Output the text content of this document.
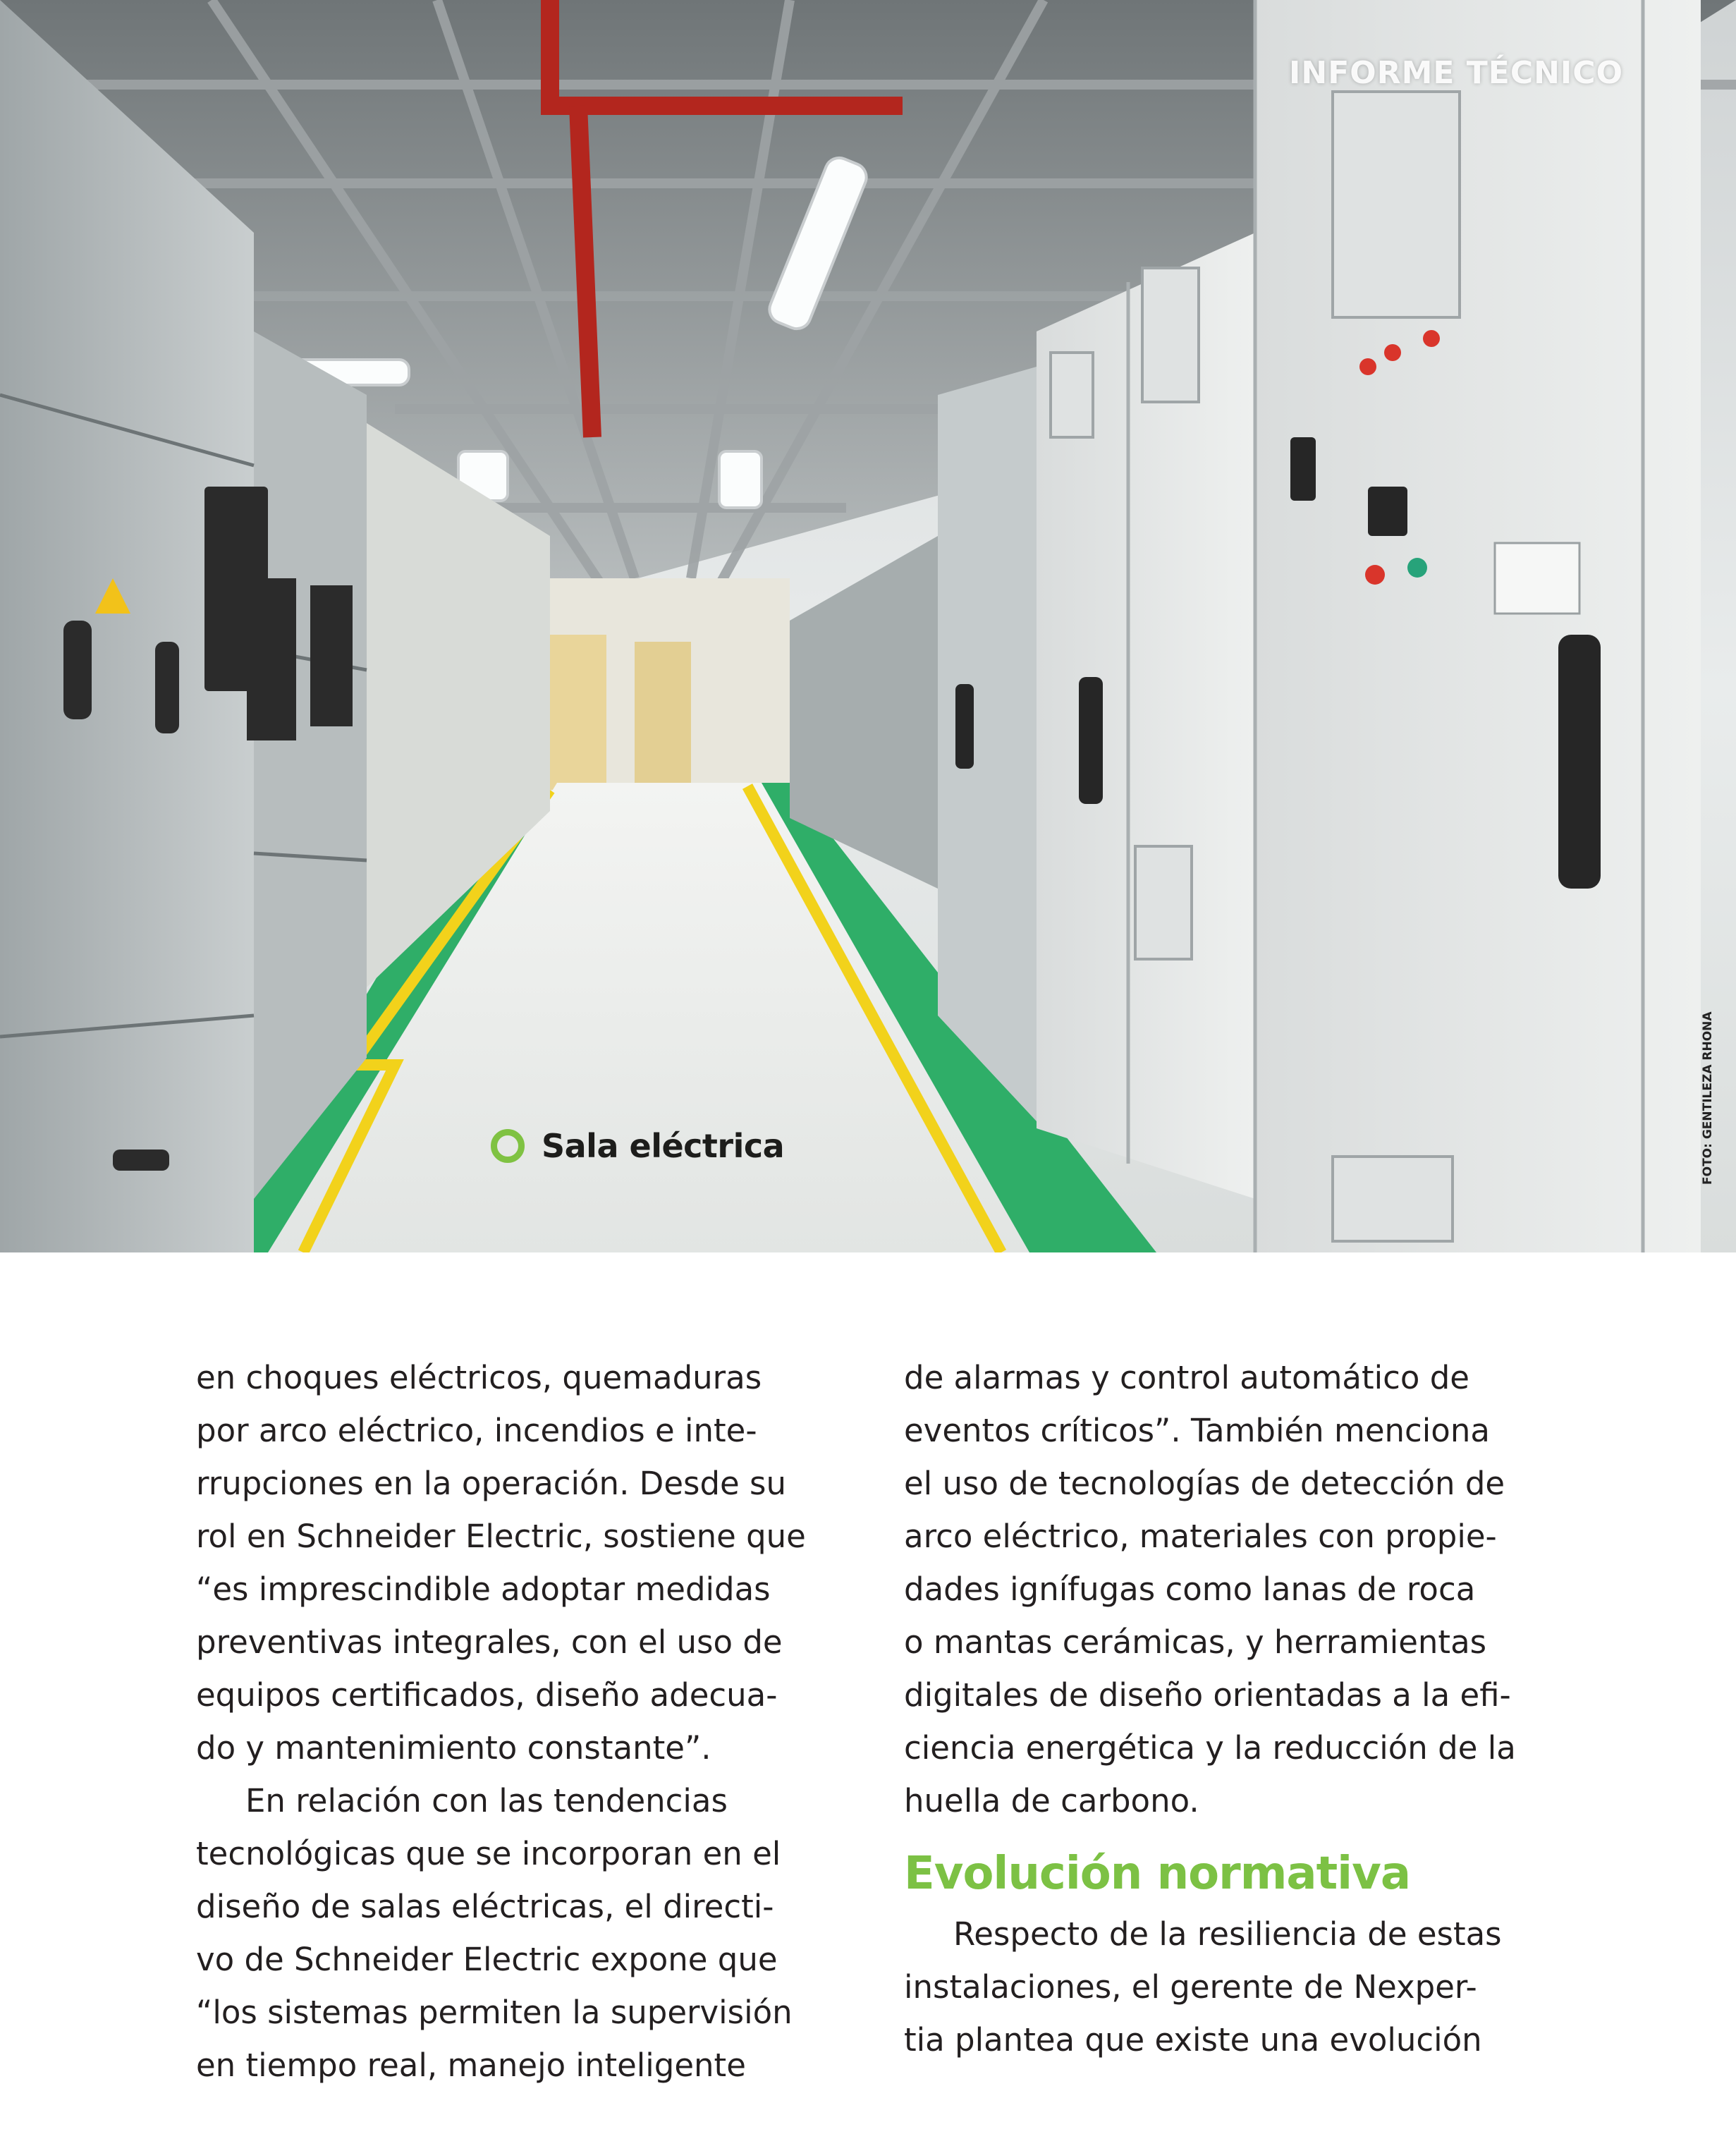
INFORME TÉCNICO
Sala eléctrica	FOTO: GENTILEZA RHONA
en choques eléctricos, quemaduras
por arco eléctrico, incendios e inte-
rrupciones en la operación. Desde su
rol en Schneider Electric, sostiene que
“es imprescindible adoptar medidas
preventivas integrales, con el uso de
equipos certificados, diseño adecua-
do y mantenimiento constante”.
En relación con las tendencias
tecnológicas que se incorporan en el
diseño de salas eléctricas, el directi-
vo de Schneider Electric expone que
“los sistemas permiten la supervisión
en tiempo real, manejo inteligente
de alarmas y control automático de
eventos críticos”. También menciona
el uso de tecnologías de detección de
arco eléctrico, materiales con propie-
dades ignífugas como lanas de roca
o mantas cerámicas, y herramientas
digitales de diseño orientadas a la efi-
ciencia energética y la reducción de la
huella de carbono.
Evolución normativa
Respecto de la resiliencia de estas
instalaciones, el gerente de Nexper-
tia plantea que existe una evolución
